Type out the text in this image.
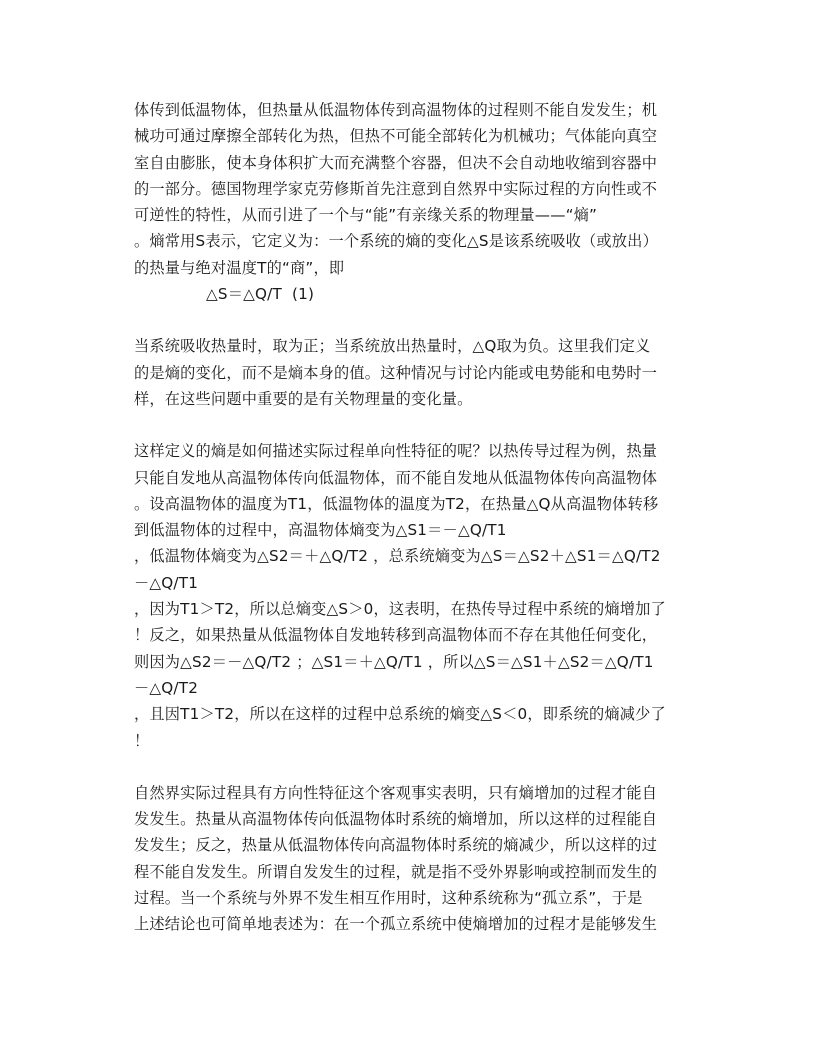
体传到低温物体，但热量从低温物体传到高温物体的过程则不能自发发生；机
械功可通过摩擦全部转化为热，但热不可能全部转化为机械功；气体能向真空
室自由膨胀，使本身体积扩大而充满整个容器，但决不会自动地收缩到容器中
的一部分。德国物理学家克劳修斯首先注意到自然界中实际过程的方向性或不
可逆性的特性，从而引进了一个与“能”有亲缘关系的物理量——“熵”
。熵常用S表示，它定义为：一个系统的熵的变化△S是该系统吸收（或放出）
的热量与绝对温度T的“商”，即
△S＝△Q/T  (1)
当系统吸收热量时，取为正；当系统放出热量时，△Q取为负。这里我们定义
的是熵的变化，而不是熵本身的值。这种情况与讨论内能或电势能和电势时一
样，在这些问题中重要的是有关物理量的变化量。
这样定义的熵是如何描述实际过程单向性特征的呢？以热传导过程为例，热量
只能自发地从高温物体传向低温物体，而不能自发地从低温物体传向高温物体
。设高温物体的温度为T1，低温物体的温度为T2，在热量△Q从高温物体转移
到低温物体的过程中，高温物体熵变为△S1＝－△Q/T1
，低温物体熵变为△S2＝＋△Q/T2 ，总系统熵变为△S＝△S2＋△S1＝△Q/T2
－△Q/T1
，因为T1＞T2，所以总熵变△S＞0，这表明，在热传导过程中系统的熵增加了
！反之，如果热量从低温物体自发地转移到高温物体而不存在其他任何变化，
则因为△S2＝－△Q/T2 ；△S1＝＋△Q/T1 ，所以△S＝△S1＋△S2＝△Q/T1
－△Q/T2
，且因T1＞T2，所以在这样的过程中总系统的熵变△S＜0，即系统的熵减少了
！
自然界实际过程具有方向性特征这个客观事实表明，只有熵增加的过程才能自
发发生。热量从高温物体传向低温物体时系统的熵增加，所以这样的过程能自
发发生；反之，热量从低温物体传向高温物体时系统的熵减少，所以这样的过
程不能自发发生。所谓自发发生的过程，就是指不受外界影响或控制而发生的
过程。当一个系统与外界不发生相互作用时，这种系统称为“孤立系”，于是
上述结论也可简单地表述为：在一个孤立系统中使熵增加的过程才是能够发生
